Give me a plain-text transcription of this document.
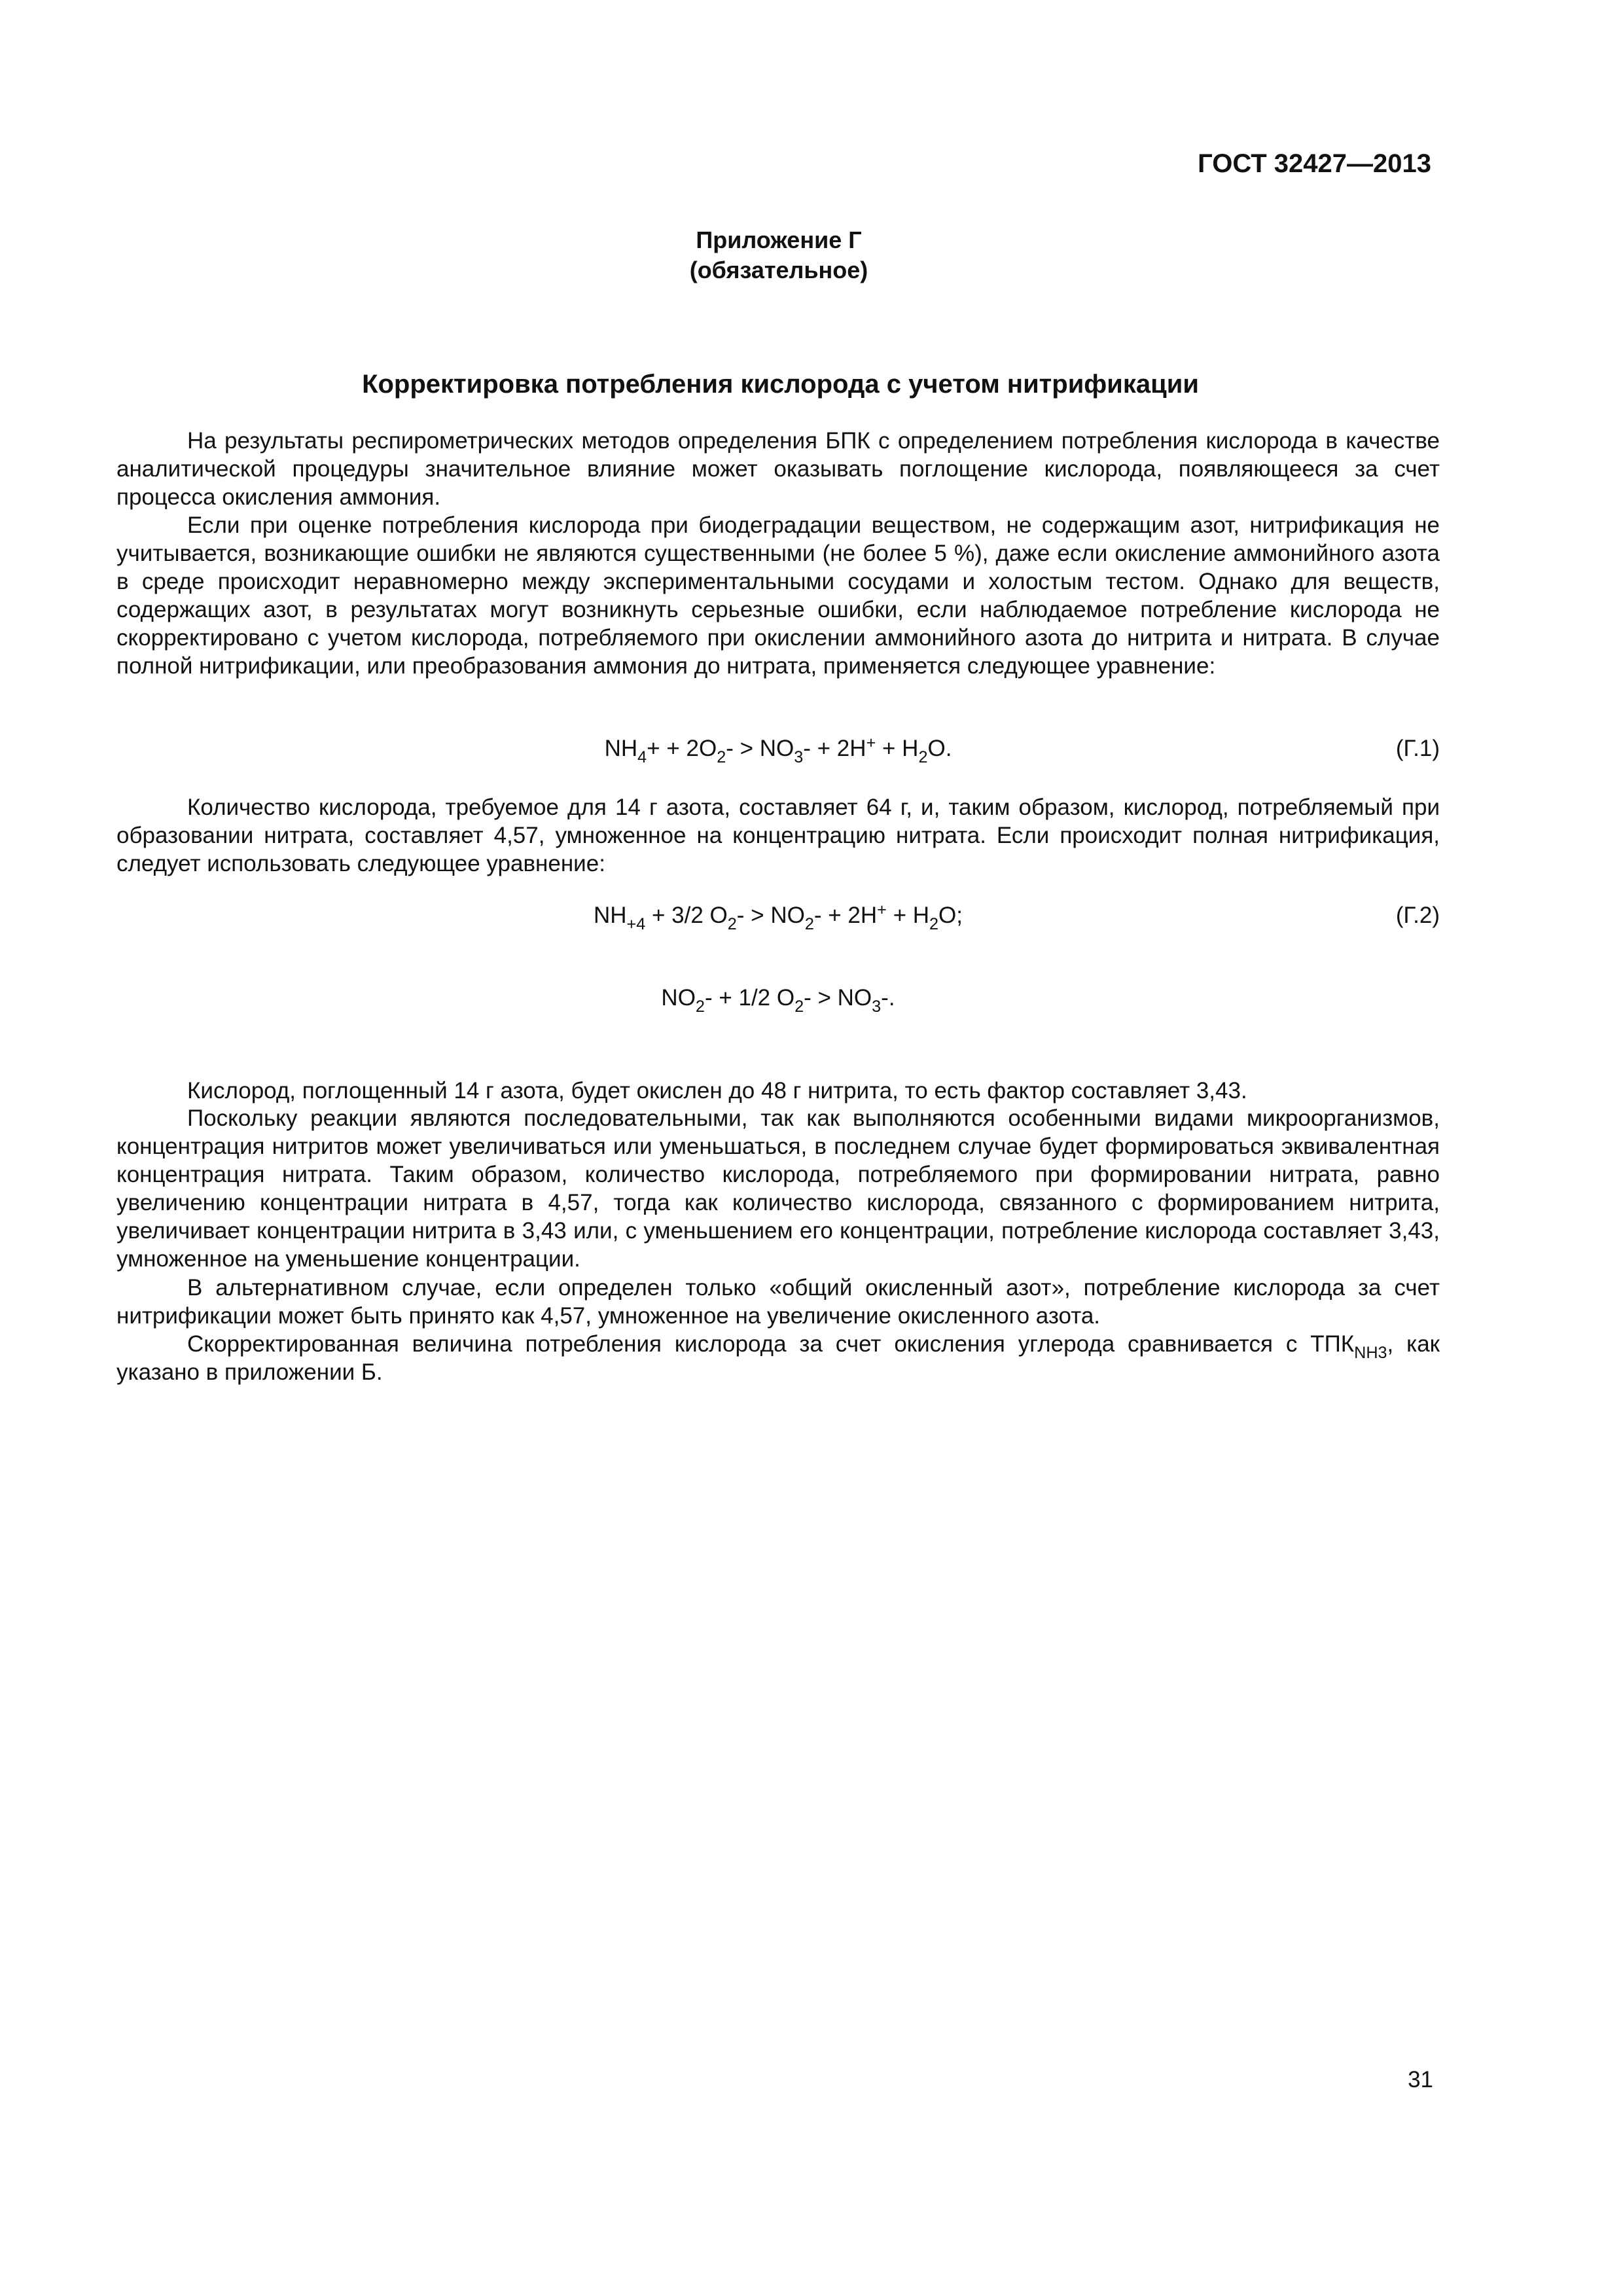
ГОСТ 32427—2013
Приложение Г
(обязательное)
Корректировка потребления кислорода с учетом нитрификации

На результаты респирометрических методов определения БПК с определением потребления кислорода в качестве аналитической процедуры значительное влияние может оказывать поглощение кислорода, появляющееся за счет процесса окисления аммония.

Если при оценке потребления кислорода при биодеградации веществом, не содержащим азот, нитрификация не учитывается, возникающие ошибки не являются существенными (не более 5 %), даже если окисление аммонийного азота в среде происходит неравномерно между экспериментальными сосудами и холостым тестом. Однако для веществ, содержащих азот, в результатах могут возникнуть серьезные ошибки, если наблюдаемое потребление кислорода не скорректировано с учетом кислорода, потребляемого при окислении аммонийного азота до нитрита и нитрата. В случае полной нитрификации, или преобразования аммония до нитрата, применяется следующее уравнение:

$NH_4+ + 2O_2- > NO_3- + 2H^+ + H_2O$.	(Г.1)

Количество кислорода, требуемое для 14 г азота, составляет 64 г, и, таким образом, кислород, потребляемый при образовании нитрата, составляет 4,57, умноженное на концентрацию нитрата. Если происходит полная нитрификация, следует использовать следующее уравнение:

$NH_{+4} + 3/2$ $O_2- > NO_2- + 2H^+ + H_2O$;	(Г.2)
$NO_2- + 1/2$ $O_2- > NO_3-$.

Кислород, поглощенный 14 г азота, будет окислен до 48 г нитрита, то есть фактор составляет 3,43.

Поскольку реакции являются последовательными, так как выполняются особенными видами микроорганизмов, концентрация нитритов может увеличиваться или уменьшаться, в последнем случае будет формироваться эквивалентная концентрация нитрата. Таким образом, количество кислорода, потребляемого при формировании нитрата, равно увеличению концентрации нитрата в 4,57, тогда как количество кислорода, связанного с формированием нитрита, увеличивает концентрации нитрита в 3,43 или, с уменьшением его концентрации, потребление кислорода составляет 3,43, умноженное на уменьшение концентрации.

В альтернативном случае, если определен только «общий окисленный азот», потребление кислорода за счет нитрификации может быть принято как 4,57, умноженное на увеличение окисленного азота.

Скорректированная величина потребления кислорода за счет окисления углерода сравнивается с $ТПК_{NH3}$, как указано в приложении Б.

31
